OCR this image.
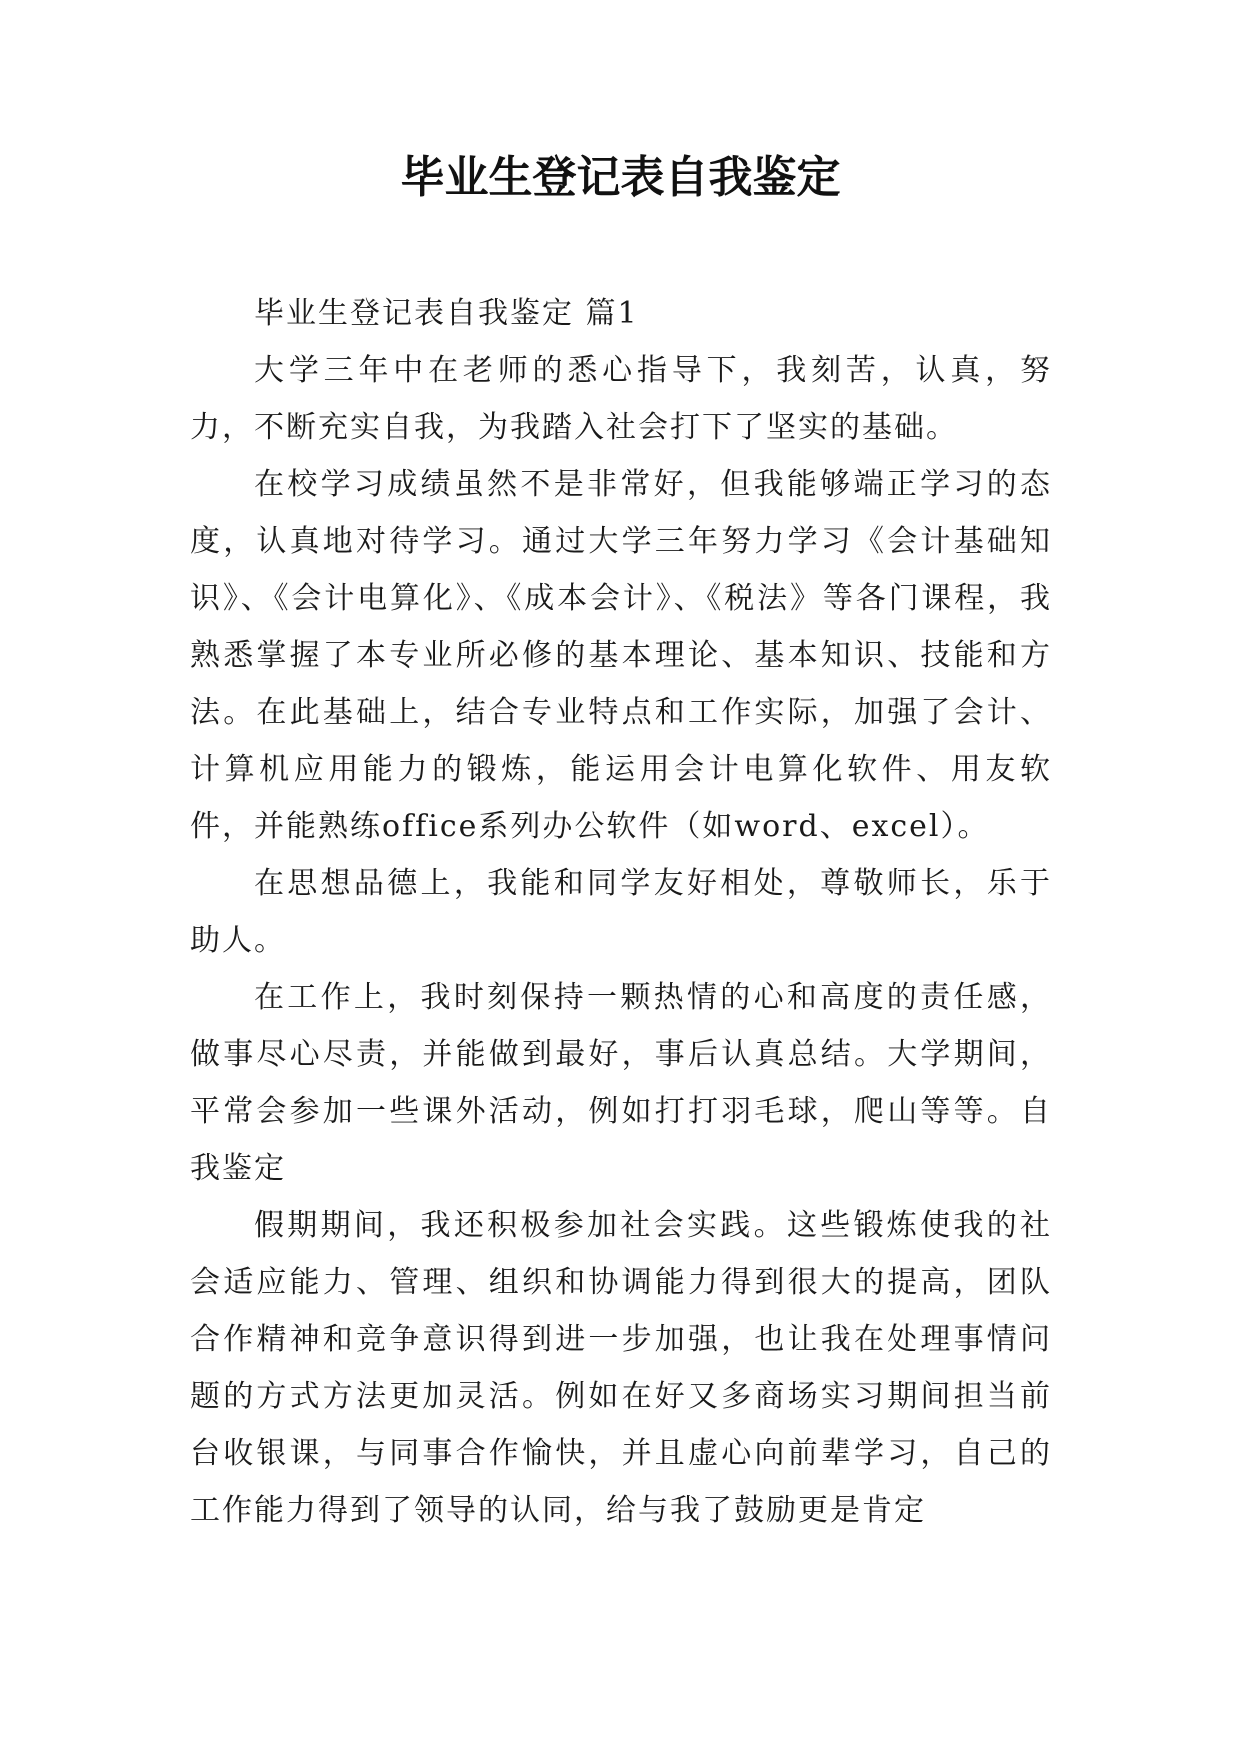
毕业生登记表自我鉴定

毕业生登记表自我鉴定 篇1

大学三年中在老师的悉心指导下，我刻苦，认真，努力，不断充实自我，为我踏入社会打下了坚实的基础。

在校学习成绩虽然不是非常好，但我能够端正学习的态度，认真地对待学习。通过大学三年努力学习《会计基础知识》、《会计电算化》、《成本会计》、《税法》等各门课程，我熟悉掌握了本专业所必修的基本理论、基本知识、技能和方法。在此基础上，结合专业特点和工作实际，加强了会计、计算机应用能力的锻炼，能运用会计电算化软件、用友软件，并能熟练office系列办公软件（如word、excel）。

在思想品德上，我能和同学友好相处，尊敬师长，乐于助人。

在工作上，我时刻保持一颗热情的心和高度的责任感，做事尽心尽责，并能做到最好，事后认真总结。大学期间，平常会参加一些课外活动，例如打打羽毛球，爬山等等。自我鉴定

假期期间，我还积极参加社会实践。这些锻炼使我的社会适应能力、管理、组织和协调能力得到很大的提高，团队合作精神和竞争意识得到进一步加强，也让我在处理事情问题的方式方法更加灵活。例如在好又多商场实习期间担当前台收银课，与同事合作愉快，并且虚心向前辈学习，自己的工作能力得到了领导的认同，给与我了鼓励更是肯定
